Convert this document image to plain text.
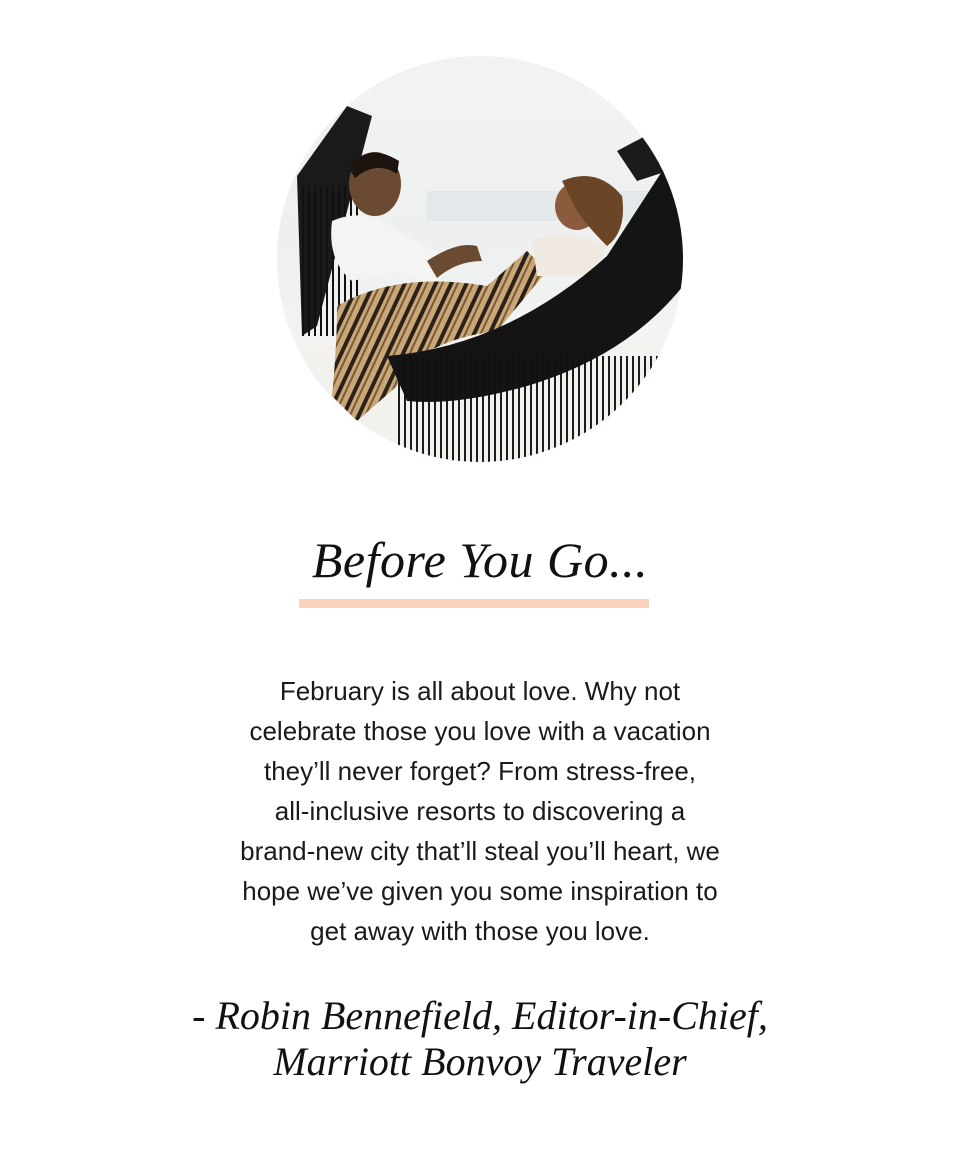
Before You Go...
February is all about love. Why not
celebrate those you love with a vacation
they’ll never forget? From stress-free,
all-inclusive resorts to discovering a
brand-new city that’ll steal you’ll heart, we
hope we’ve given you some inspiration to
get away with those you love.
- Robin Bennefield, Editor-in-Chief,
Marriott Bonvoy Traveler
